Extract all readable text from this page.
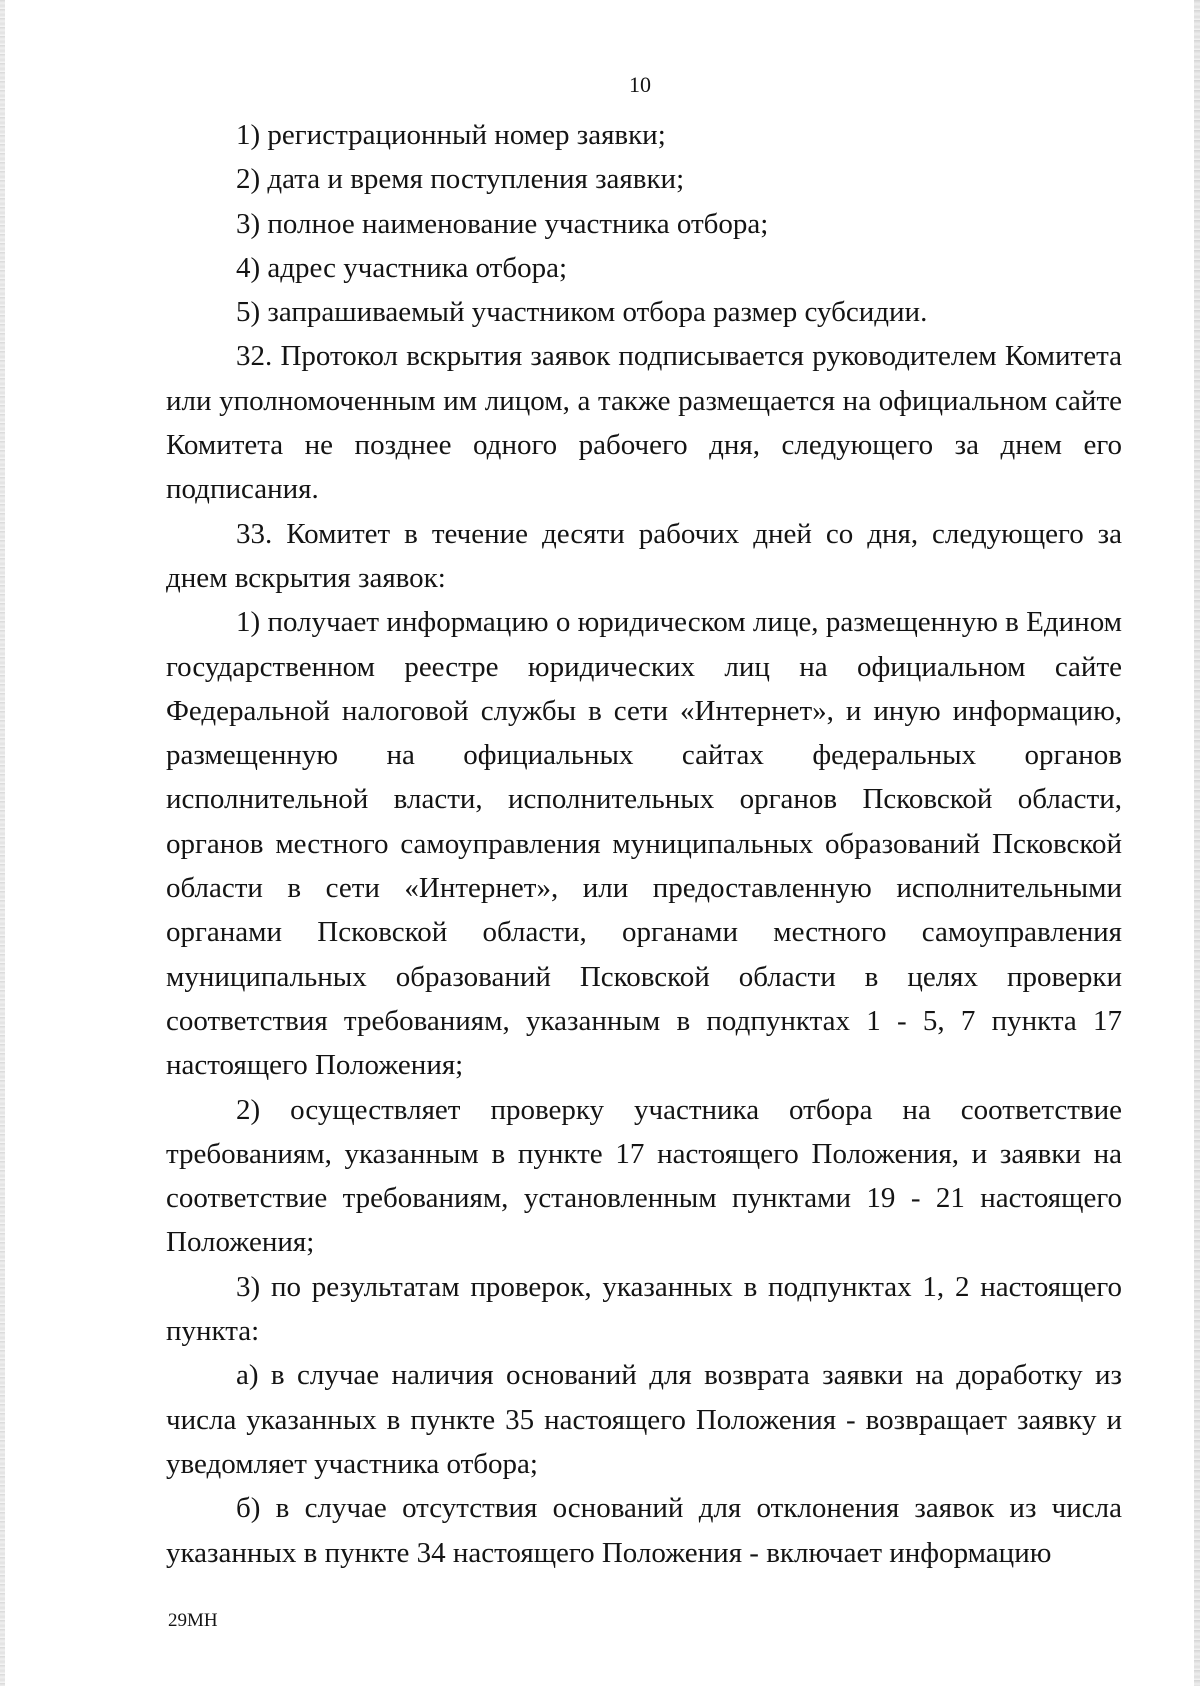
10

1) регистрационный номер заявки;

2) дата и время поступления заявки;

3) полное наименование участника отбора;

4) адрес участника отбора;

5) запрашиваемый участником отбора размер субсидии.

32. Протокол вскрытия заявок подписывается руководителем Комитета или уполномоченным им лицом, а также размещается на официальном сайте Комитета не позднее одного рабочего дня, следующего за днем его подписания.

33. Комитет в течение десяти рабочих дней со дня, следующего за днем вскрытия заявок:

1) получает информацию о юридическом лице, размещенную в Едином государственном реестре юридических лиц на официальном сайте Федеральной налоговой службы в сети «Интернет», и иную информацию, размещенную на официальных сайтах федеральных органов исполнительной власти, исполнительных органов Псковской области, органов местного самоуправления муниципальных образований Псковской области в сети «Интернет», или предоставленную исполнительными органами Псковской области, органами местного самоуправления муниципальных образований Псковской области в целях проверки соответствия требованиям, указанным в подпунктах 1 - 5, 7 пункта 17 настоящего Положения;

2) осуществляет проверку участника отбора на соответствие требованиям, указанным в пункте 17 настоящего Положения, и заявки на соответствие требованиям, установленным пунктами 19 - 21 настоящего Положения;

3) по результатам проверок, указанных в подпунктах 1, 2 настоящего пункта:

а) в случае наличия оснований для возврата заявки на доработку из числа указанных в пункте 35 настоящего Положения - возвращает заявку и уведомляет участника отбора;

б) в случае отсутствия оснований для отклонения заявок из числа указанных в пункте 34 настоящего Положения - включает информацию

29МН
